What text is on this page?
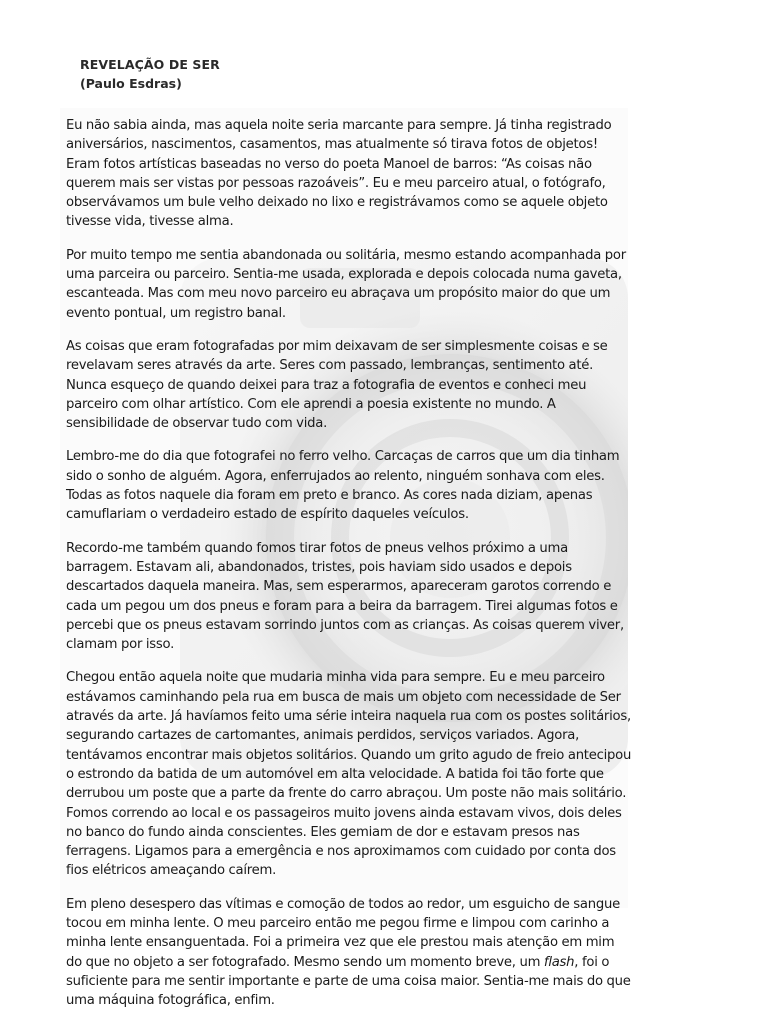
REVELAÇÃO DE SER
(Paulo Esdras)

Eu não sabia ainda, mas aquela noite seria marcante para sempre. Já tinha registrado aniversários, nascimentos, casamentos, mas atualmente só tirava fotos de objetos! Eram fotos artísticas baseadas no verso do poeta Manoel de barros: “As coisas não querem mais ser vistas por pessoas razoáveis”. Eu e meu parceiro atual, o fotógrafo, observávamos um bule velho deixado no lixo e registrávamos como se aquele objeto tivesse vida, tivesse alma.

Por muito tempo me sentia abandonada ou solitária, mesmo estando acompanhada por uma parceira ou parceiro. Sentia-me usada, explorada e depois colocada numa gaveta, escanteada. Mas com meu novo parceiro eu abraçava um propósito maior do que um evento pontual, um registro banal.

As coisas que eram fotografadas por mim deixavam de ser simplesmente coisas e se revelavam seres através da arte. Seres com passado, lembranças, sentimento até. Nunca esqueço de quando deixei para traz a fotografia de eventos e conheci meu parceiro com olhar artístico. Com ele aprendi a poesia existente no mundo. A sensibilidade de observar tudo com vida.

Lembro-me do dia que fotografei no ferro velho. Carcaças de carros que um dia tinham sido o sonho de alguém. Agora, enferrujados ao relento, ninguém sonhava com eles. Todas as fotos naquele dia foram em preto e branco. As cores nada diziam, apenas camuflariam o verdadeiro estado de espírito daqueles veículos.

Recordo-me também quando fomos tirar fotos de pneus velhos próximo a uma barragem. Estavam ali, abandonados, tristes, pois haviam sido usados e depois descartados daquela maneira. Mas, sem esperarmos, apareceram garotos correndo e cada um pegou um dos pneus e foram para a beira da barragem. Tirei algumas fotos e percebi que os pneus estavam sorrindo juntos com as crianças. As coisas querem viver, clamam por isso.

Chegou então aquela noite que mudaria minha vida para sempre. Eu e meu parceiro estávamos caminhando pela rua em busca de mais um objeto com necessidade de Ser através da arte. Já havíamos feito uma série inteira naquela rua com os postes solitários, segurando cartazes de cartomantes, animais perdidos, serviços variados. Agora, tentávamos encontrar mais objetos solitários. Quando um grito agudo de freio antecipou o estrondo da batida de um automóvel em alta velocidade. A batida foi tão forte que derrubou um poste que a parte da frente do carro abraçou. Um poste não mais solitário. Fomos correndo ao local e os passageiros muito jovens ainda estavam vivos, dois deles no banco do fundo ainda conscientes. Eles gemiam de dor e estavam presos nas ferragens. Ligamos para a emergência e nos aproximamos com cuidado por conta dos fios elétricos ameaçando caírem.

Em pleno desespero das vítimas e comoção de todos ao redor, um esguicho de sangue tocou em minha lente. O meu parceiro então me pegou firme e limpou com carinho a minha lente ensanguentada. Foi a primeira vez que ele prestou mais atenção em mim do que no objeto a ser fotografado. Mesmo sendo um momento breve, um flash, foi o suficiente para me sentir importante e parte de uma coisa maior. Sentia-me mais do que uma máquina fotográfica, enfim.
